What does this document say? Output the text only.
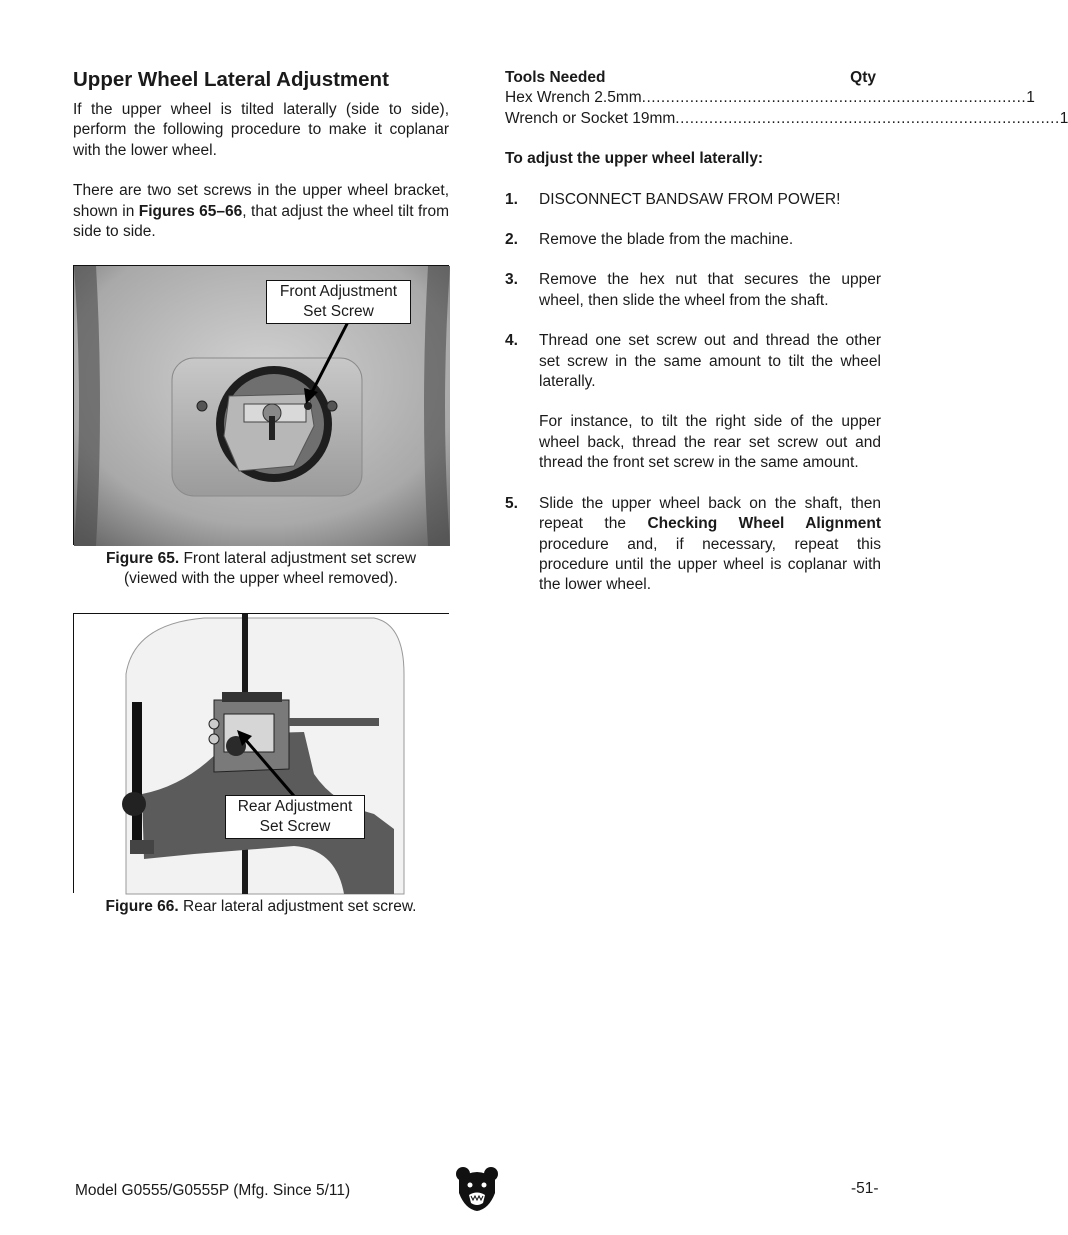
Upper Wheel Lateral Adjustment

If the upper wheel is tilted laterally (side to side), perform the following procedure to make it coplanar with the lower wheel.

There are two set screws in the upper wheel bracket, shown in Figures 65–66, that adjust the wheel tilt from side to side.

Front Adjustment
Set Screw
Figure 65. Front lateral adjustment set screw
(viewed with the upper wheel removed).
Rear Adjustment
Set Screw
Figure 66. Rear lateral adjustment set screw.
Tools Needed	Qty
Hex Wrench 2.5mm ................................................................................ 1
Wrench or Socket 19mm ................................................................................ 1

To adjust the upper wheel laterally:

1.	DISCONNECT BANDSAW FROM POWER!
2.	Remove the blade from the machine.
3.	Remove the hex nut that secures the upper wheel, then slide the wheel from the shaft.
4.	Thread one set screw out and thread the other set screw in the same amount to tilt the wheel laterally.

For instance, to tilt the right side of the upper wheel back, thread the rear set screw out and thread the front set screw in the same amount.

5.	Slide the upper wheel back on the shaft, then repeat the Checking Wheel Alignment procedure and, if necessary, repeat this procedure until the upper wheel is coplanar with the lower wheel.

Model G0555/G0555P (Mfg. Since 5/11)	-51-
